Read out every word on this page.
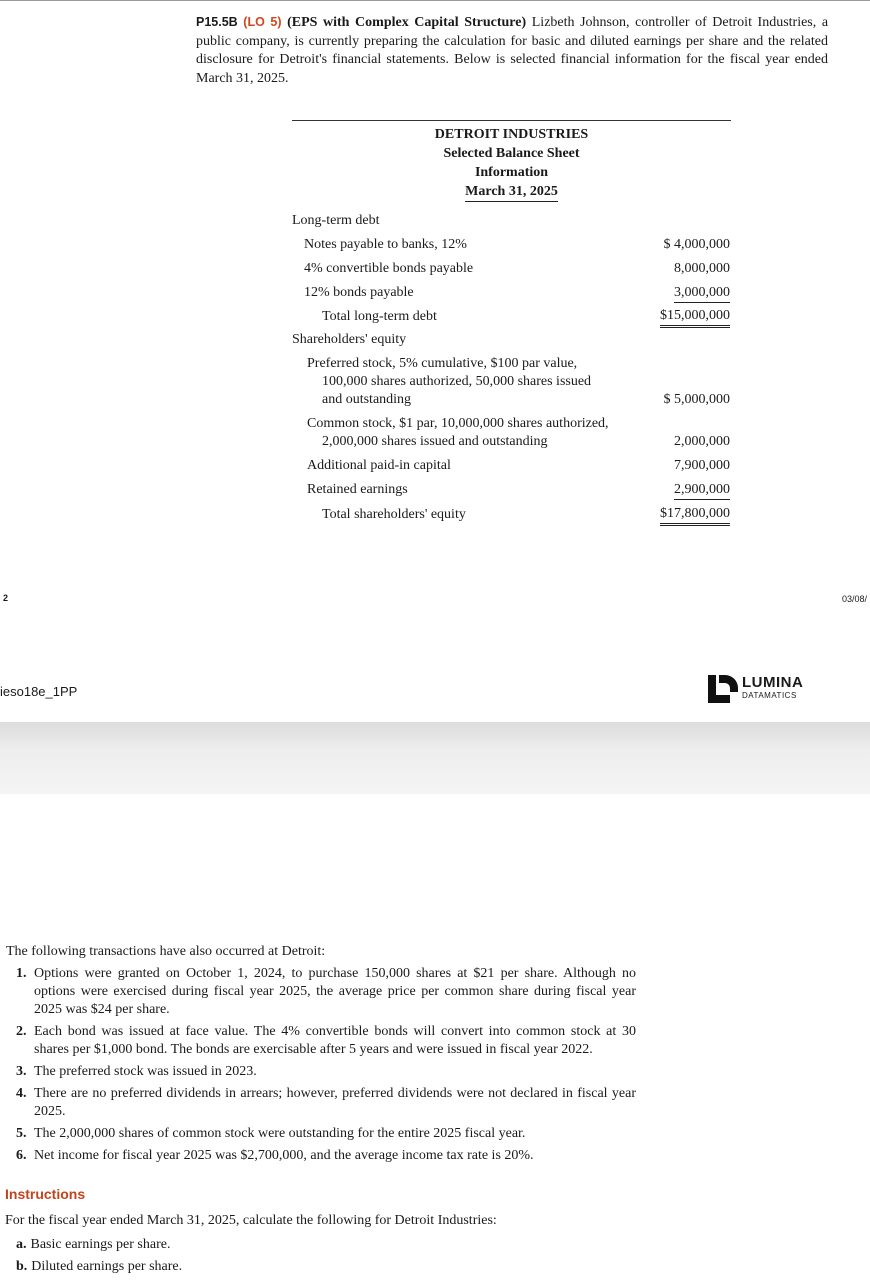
P15.5B (LO 5) (EPS with Complex Capital Structure) Lizbeth Johnson, controller of Detroit Industries, a public company, is currently preparing the calculation for basic and diluted earnings per share and the related disclosure for Detroit's financial statements. Below is selected financial information for the fiscal year ended March 31, 2025.
DETROIT INDUSTRIES
Selected Balance Sheet
Information
March 31, 2025
Long-term debt
Notes payable to banks, 12%	$ 4,000,000
4% convertible bonds payable	8,000,000
12% bonds payable	3,000,000
Total long-term debt	$15,000,000
Shareholders' equity
Preferred stock, 5% cumulative, $100 par value,
100,000 shares authorized, 50,000 shares issued
and outstanding	$ 5,000,000
Common stock, $1 par, 10,000,000 shares authorized,
2,000,000 shares issued and outstanding	2,000,000
Additional paid-in capital	7,900,000
Retained earnings	2,900,000
Total shareholders' equity	$17,800,000
2	03/08/
ieso18e_1PP
LUMINA
DATAMATICS
The following transactions have also occurred at Detroit:
1. Options were granted on October 1, 2024, to purchase 150,000 shares at $21 per share. Although no options were exercised during fiscal year 2025, the average price per common share during fiscal year 2025 was $24 per share.
2. Each bond was issued at face value. The 4% convertible bonds will convert into common stock at 30 shares per $1,000 bond. The bonds are exercisable after 5 years and were issued in fiscal year 2022.
3. The preferred stock was issued in 2023.
4. There are no preferred dividends in arrears; however, preferred dividends were not declared in fiscal year 2025.
5. The 2,000,000 shares of common stock were outstanding for the entire 2025 fiscal year.
6. Net income for fiscal year 2025 was $2,700,000, and the average income tax rate is 20%.
Instructions
For the fiscal year ended March 31, 2025, calculate the following for Detroit Industries:
a. Basic earnings per share.
b. Diluted earnings per share.
